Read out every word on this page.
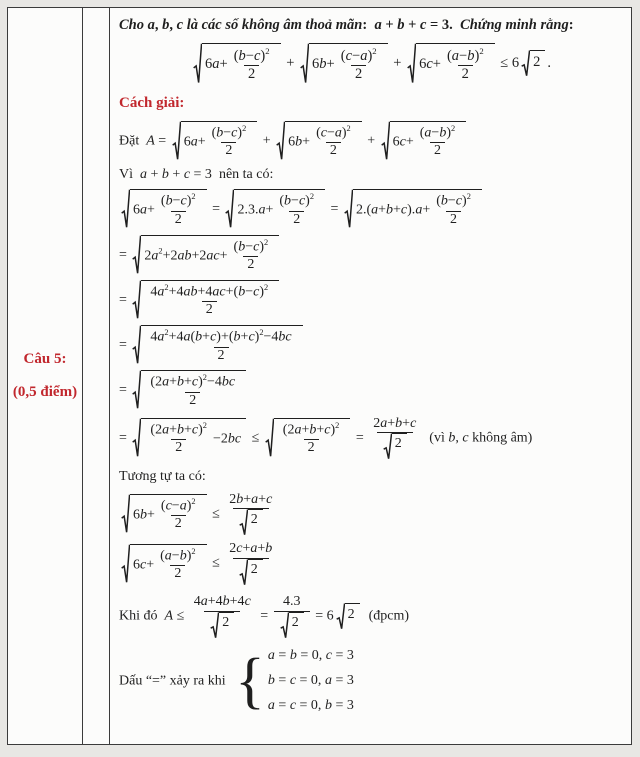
Câu 5:
(0,5 điểm)
Cho a, b, c là các số không âm thoả mãn:  a + b + c = 3.  Chứng minh rằng:
$6a+ \frac{(b-c)^2}{2} + 6b+ \frac{(c-a)^2}{2} + 6c+ \frac{(a-b)^2}{2} \le 6$ 2 .
Cách giải:
Đặt  $A = 6a+ \frac{(b-c)^2}{2} + 6b+ \frac{(c-a)^2}{2} + 6c+ \frac{(a-b)^2}{2}$
Vì  a + b + c = 3  nên ta có:
$6a+ \frac{(b-c)^2}{2} = 2.3.a+ \frac{(b-c)^2}{2} = 2.(a+b+c).a+ \frac{(b-c)^2}{2}$
= $2a^2+2ab+2ac+ \frac{(b-c)^2}{2}$
= $\frac{4a^2+4ab+4ac+(b-c)^2}{2}$
= $\frac{4a^2+4a(b+c)+(b+c)^2-4bc}{2}$
= $\frac{(2a+b+c)^2-4bc}{2}$
= $\frac{(2a+b+c)^2}{2} -2bc \le \frac{(2a+b+c)^2}{2} = \frac{2a+b+c}{2}$ (vì b, c không âm)
Tương tự ta có:
$6b+ \frac{(c-a)^2}{2} \le \frac{2b+a+c}{2}$
$6c+ \frac{(a-b)^2}{2} \le \frac{2c+a+b}{2}$
Khi đó  $A \le \frac{4a+4b+4c}{2} = \frac{4.3}{2} = 6$ 2 (đpcm)
Dấu “=” xảy ra khi { a = b = 0, c = 3
b = c = 0, a = 3
a = c = 0, b = 3
